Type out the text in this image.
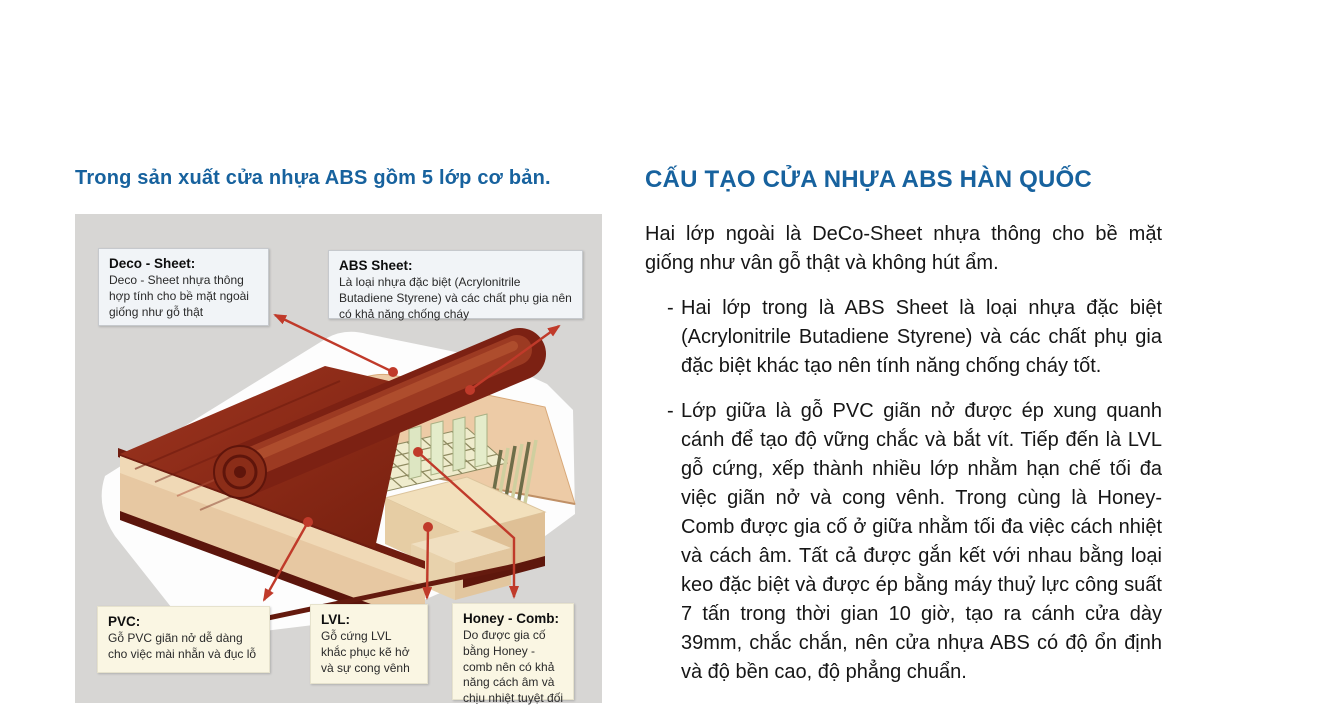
Trong sản xuất cửa nhựa ABS gồm 5 lớp cơ bản.
Deco - Sheet:
Deco - Sheet nhựa thông hợp tính cho bề mặt ngoài giống như gỗ thật
ABS Sheet:
Là loại nhựa đặc biệt (Acrylonitrile Butadiene Styrene) và các chất phụ gia nên có khả năng chống cháy
PVC:
Gỗ PVC giãn nở dễ dàng cho việc mài nhẵn và đục lỗ
LVL:
Gỗ cứng LVL khắc phục kẽ hở và sự cong vênh
Honey - Comb:
Do được gia cố bằng Honey - comb nên có khả năng cách âm và chịu nhiệt tuyệt đối
CẤU TẠO CỬA NHỰA ABS HÀN QUỐC

Hai lớp ngoài là DeCo-Sheet nhựa thông cho bề mặt giống như vân gỗ thật và không hút ẩm.

- Hai lớp trong là ABS Sheet là loại nhựa đặc biệt (Acrylonitrile Butadiene Styrene) và các chất phụ gia đặc biệt khác tạo nên tính năng chống cháy tốt.
- Lớp giữa là gỗ PVC giãn nở được ép xung quanh cánh để tạo độ vững chắc và bắt vít. Tiếp đến là LVL gỗ cứng, xếp thành nhiều lớp nhằm hạn chế tối đa việc giãn nở và cong vênh. Trong cùng là Honey-Comb được gia cố ở giữa nhằm tối đa việc cách nhiệt và cách âm. Tất cả được gắn kết với nhau bằng loại keo đặc biệt và được ép bằng máy thuỷ lực công suất 7 tấn trong thời gian 10 giờ, tạo ra cánh cửa dày 39mm, chắc chắn, nên cửa nhựa ABS có độ ổn định và độ bền cao, độ phẳng chuẩn.
